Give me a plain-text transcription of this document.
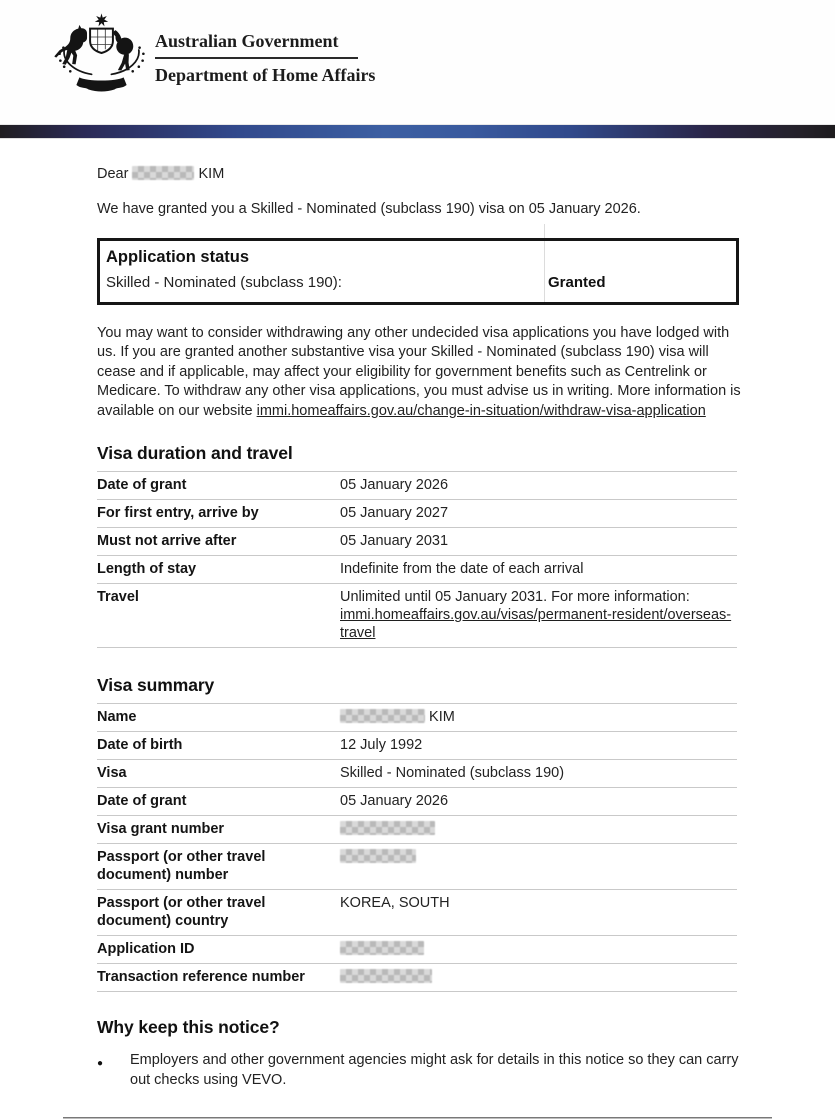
Australian Government
Department of Home Affairs

Dear	KIM

We have granted you a Skilled - Nominated (subclass 190) visa on 05 January 2026.

Application status
Skilled - Nominated (subclass 190):	Granted

You may want to consider withdrawing any other undecided visa applications you have lodged with us. If you are granted another substantive visa your Skilled - Nominated (subclass 190) visa will cease and if applicable, may affect your eligibility for government benefits such as Centrelink or Medicare. To withdraw any other visa applications, you must advise us in writing. More information is available on our website immi.homeaffairs.gov.au/change-in-situation/withdraw-visa-application

Visa duration and travel
Date of grant	05 January 2026
For first entry, arrive by	05 January 2027
Must not arrive after	05 January 2031
Length of stay	Indefinite from the date of each arrival
Travel	Unlimited until 05 January 2031. For more information: immi.homeaffairs.gov.au/visas/permanent-resident/overseas-travel
Visa summary
Name	KIM
Date of birth	12 July 1992
Visa	Skilled - Nominated (subclass 190)
Date of grant	05 January 2026
Visa grant number	
Passport (or other travel document) number	
Passport (or other travel document) country	KOREA, SOUTH
Application ID	
Transaction reference number	
Why keep this notice?
●	Employers and other government agencies might ask for details in this notice so they can carry out checks using VEVO.
